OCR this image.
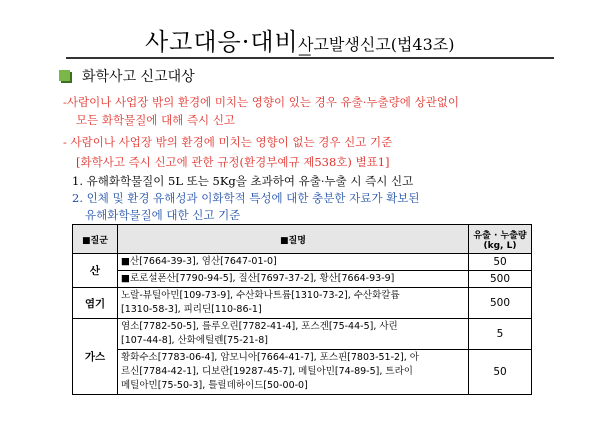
사고대응·대비_
사고발생신고(법43조)
화학사고 신고대상
-사람이나 사업장 밖의 환경에 미치는 영향이 있는 경우 유출·누출량에 상관없이
모든 화학물질에 대해 즉시 신고
- 사람이나 사업장 밖의 환경에 미치는 영향이 없는 경우 신고 기준
[화학사고 즉시 신고에 관한 규정(환경부예규 제538호) 별표1]
1. 유해화학물질이 5L 또는 5Kg을 초과하여 유출·누출 시 즉시 신고
2. 인체 및 환경 유해성과 이화학적 특성에 대한 충분한 자료가 확보된
유해화학물질에 대한 신고 기준
■질군	■질명	유출 · 누출량
(kg, L)
산	■산[7664-39-3], 염산[7647-01-0]	50
	■로로설폰산[7790-94-5], 질산[7697-37-2], 황산[7664-93-9]	500
염기	노랄-뷰틸아민[109-73-9], 수산화나트륨[1310-73-2], 수산화칼륨
[1310-58-3], 피리딘[110-86-1]	500
가스	염소[7782-50-5], 를루오린[7782-41-4], 포스겐[75-44-5], 사린
[107-44-8], 산화에틸렌[75-21-8]	5
	황화수소[7783-06-4], 암모니아[7664-41-7], 포스핀[7803-51-2], 아
르신[7784-42-1], 디보란[19287-45-7], 메틸아민[74-89-5], 트라이
메틸아민[75-50-3], 틀릴데하이드[50-00-0]	50
